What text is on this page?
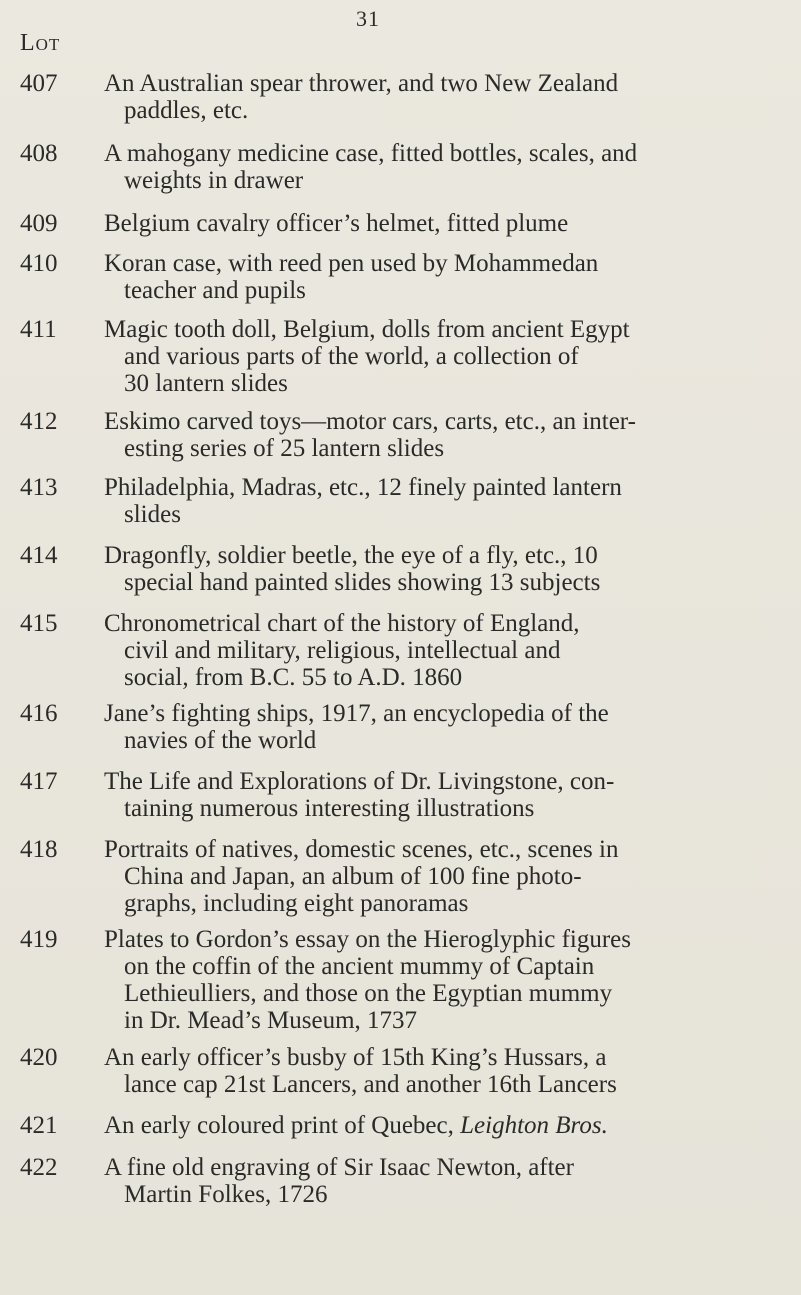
31
Lot
407 An Australian spear thrower, and two New Zealand
paddles, etc.
408 A mahogany medicine case, fitted bottles, scales, and
weights in drawer
409 Belgium cavalry officer’s helmet, fitted plume
410 Koran case, with reed pen used by Mohammedan
teacher and pupils
411 Magic tooth doll, Belgium, dolls from ancient Egypt
and various parts of the world, a collection of
30 lantern slides
412 Eskimo carved toys—motor cars, carts, etc., an inter-
esting series of 25 lantern slides
413 Philadelphia, Madras, etc., 12 finely painted lantern
slides
414 Dragonfly, soldier beetle, the eye of a fly, etc., 10
special hand painted slides showing 13 subjects
415 Chronometrical chart of the history of England,
civil and military, religious, intellectual and
social, from B.C. 55 to A.D. 1860
416 Jane’s fighting ships, 1917, an encyclopedia of the
navies of the world
417 The Life and Explorations of Dr. Livingstone, con-
taining numerous interesting illustrations
418 Portraits of natives, domestic scenes, etc., scenes in
China and Japan, an album of 100 fine photo-
graphs, including eight panoramas
419 Plates to Gordon’s essay on the Hieroglyphic figures
on the coffin of the ancient mummy of Captain
Lethieulliers, and those on the Egyptian mummy
in Dr. Mead’s Museum, 1737
420 An early officer’s busby of 15th King’s Hussars, a
lance cap 21st Lancers, and another 16th Lancers
421 An early coloured print of Quebec, Leighton Bros.
422 A fine old engraving of Sir Isaac Newton, after
Martin Folkes, 1726
